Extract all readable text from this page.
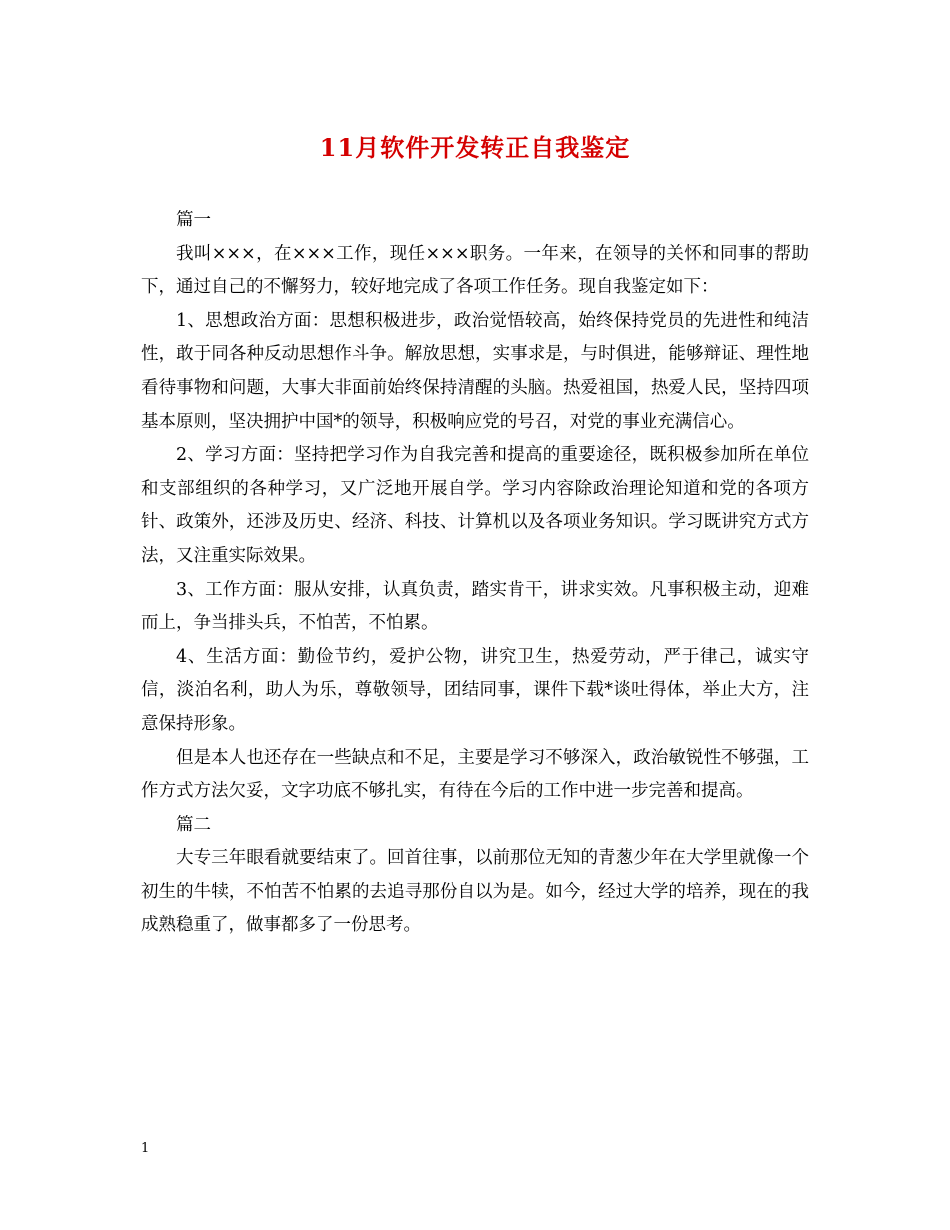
11月软件开发转正自我鉴定

篇一

我叫×××，在×××工作，现任×××职务。一年来，在领导的关怀和同事的帮助下，通过自己的不懈努力，较好地完成了各项工作任务。现自我鉴定如下：

1、思想政治方面：思想积极进步，政治觉悟较高，始终保持党员的先进性和纯洁性，敢于同各种反动思想作斗争。解放思想，实事求是，与时俱进，能够辩证、理性地看待事物和问题，大事大非面前始终保持清醒的头脑。热爱祖国，热爱人民，坚持四项基本原则，坚决拥护中国*的领导，积极响应党的号召，对党的事业充满信心。

2、学习方面：坚持把学习作为自我完善和提高的重要途径，既积极参加所在单位和支部组织的各种学习，又广泛地开展自学。学习内容除政治理论知道和党的各项方针、政策外，还涉及历史、经济、科技、计算机以及各项业务知识。学习既讲究方式方法，又注重实际效果。

3、工作方面：服从安排，认真负责，踏实肯干，讲求实效。凡事积极主动，迎难而上，争当排头兵，不怕苦，不怕累。

4、生活方面：勤俭节约，爱护公物，讲究卫生，热爱劳动，严于律己，诚实守信，淡泊名利，助人为乐，尊敬领导，团结同事，课件下载*谈吐得体，举止大方，注意保持形象。

但是本人也还存在一些缺点和不足，主要是学习不够深入，政治敏锐性不够强，工作方式方法欠妥，文字功底不够扎实，有待在今后的工作中进一步完善和提高。

篇二

大专三年眼看就要结束了。回首往事，以前那位无知的青葱少年在大学里就像一个初生的牛犊，不怕苦不怕累的去追寻那份自以为是。如今，经过大学的培养，现在的我成熟稳重了，做事都多了一份思考。

1
